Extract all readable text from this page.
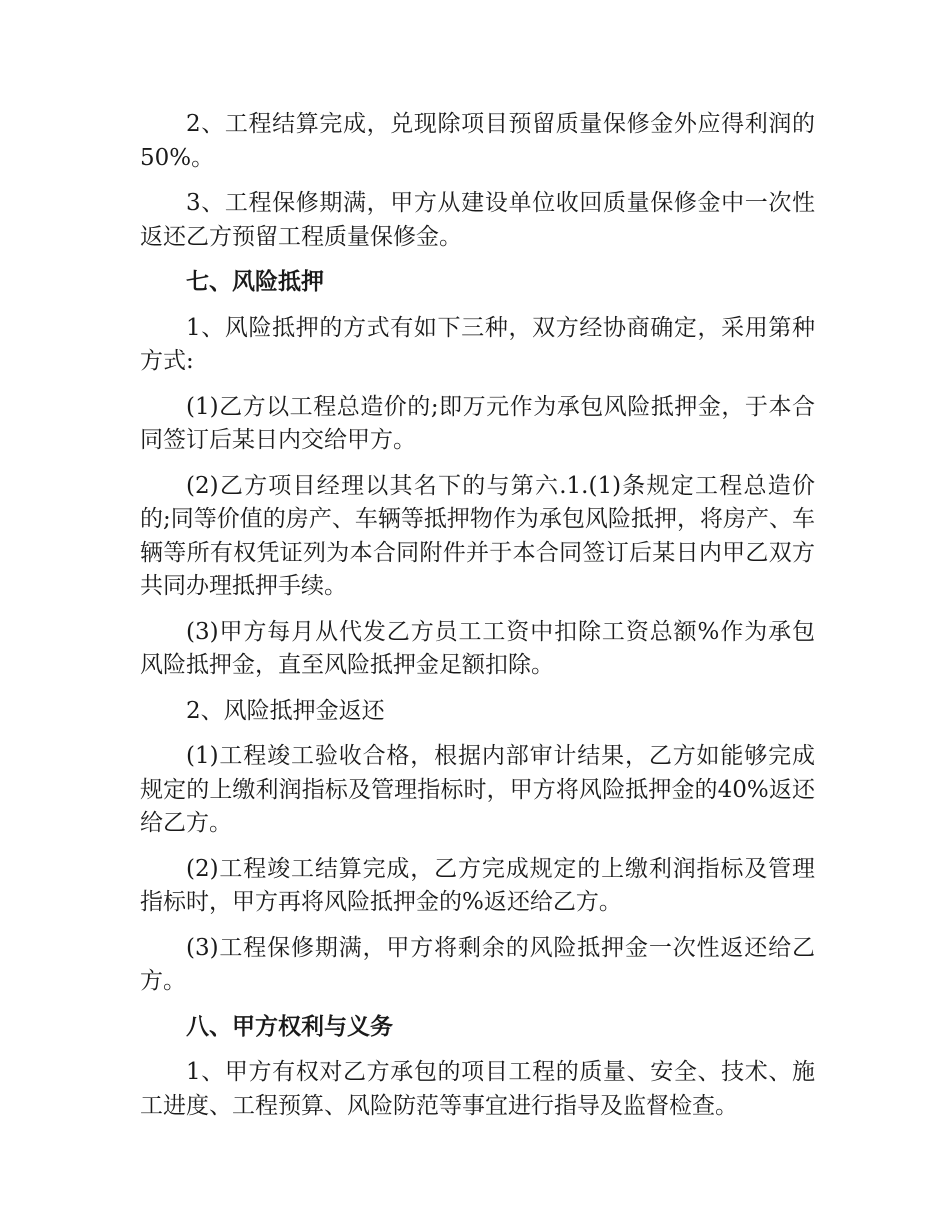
2、工程结算完成，兑现除项目预留质量保修金外应得利润的50%。

3、工程保修期满，甲方从建设单位收回质量保修金中一次性返还乙方预留工程质量保修金。

七、风险抵押

1、风险抵押的方式有如下三种，双方经协商确定，采用第种方式:

(1)乙方以工程总造价的;即万元作为承包风险抵押金，于本合同签订后某日内交给甲方。

(2)乙方项目经理以其名下的与第六.1.(1)条规定工程总造价的;同等价值的房产、车辆等抵押物作为承包风险抵押，将房产、车辆等所有权凭证列为本合同附件并于本合同签订后某日内甲乙双方共同办理抵押手续。

(3)甲方每月从代发乙方员工工资中扣除工资总额%作为承包风险抵押金，直至风险抵押金足额扣除。

2、风险抵押金返还

(1)工程竣工验收合格，根据内部审计结果，乙方如能够完成规定的上缴利润指标及管理指标时，甲方将风险抵押金的40%返还给乙方。

(2)工程竣工结算完成，乙方完成规定的上缴利润指标及管理指标时，甲方再将风险抵押金的%返还给乙方。

(3)工程保修期满，甲方将剩余的风险抵押金一次性返还给乙方。

八、甲方权利与义务

1、甲方有权对乙方承包的项目工程的质量、安全、技术、施工进度、工程预算、风险防范等事宜进行指导及监督检查。
